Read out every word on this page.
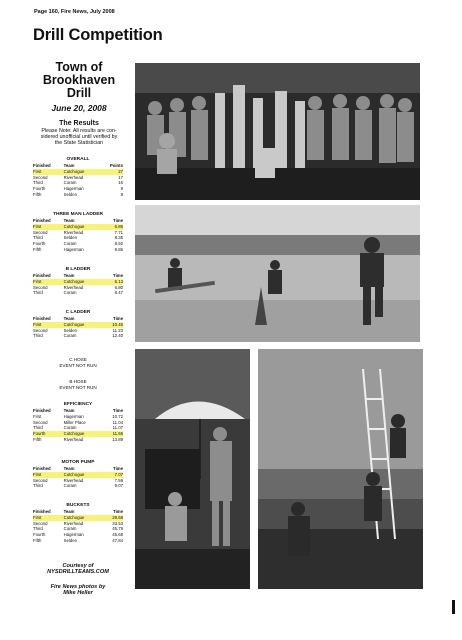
Page 160, Fire News, July 2008
Drill Competition
Town of
Brookhaven
Drill
June 20, 2008
The Results
Please Note: All results are con-
sidered unofficial until verified by
the State Statistician
OVERALL
Finished	Team	Points
First	Cutchogue	27
Second	Riverhead	17
Third	Coram	16
Fourth	Hagerman	9
Fifth	Selden	8
THREE MAN LADDER
Finished	Team	Time
First	Cutchogue	6.86
Second	Riverhead	7.71
Third	Selden	8.35
Fourth	Coram	8.92
Fifth	Hagerman	9.86
B LADDER
Finished	Team	Time
First	Cutchogue	6.13
Second	Riverhead	6.80
Third	Coram	8.47
C LADDER
Finished	Team	Time
First	Cutchogue	10.46
Second	Selden	11.23
Third	Coram	12.40
C HOSE
EVENT NOT RUN
B HOSE
EVENT NOT RUN
EFFICIENCY
Finished	Team	Time
First	Hagerman	10.72
Second	Miller Place	11.04
Third	Coram	11.07
Fourth	Cutchogue	11.65
Fifth	Riverhead	13.89
MOTOR PUMP
Finished	Team	Time
First	Cutchogue	7.07
Second	Riverhead	7.59
Third	Coram	9.07
BUCKETS
Finished	Team	Time
First	Cutchogue	29.68
Second	Riverhead	33.53
Third	Coram	45.79
Fourth	Hagerman	45.68
Fifth	Selden	47.84
Courtesy of
NYSDRILLTEAMS.COM
Fire News photos by
Mike Heller
